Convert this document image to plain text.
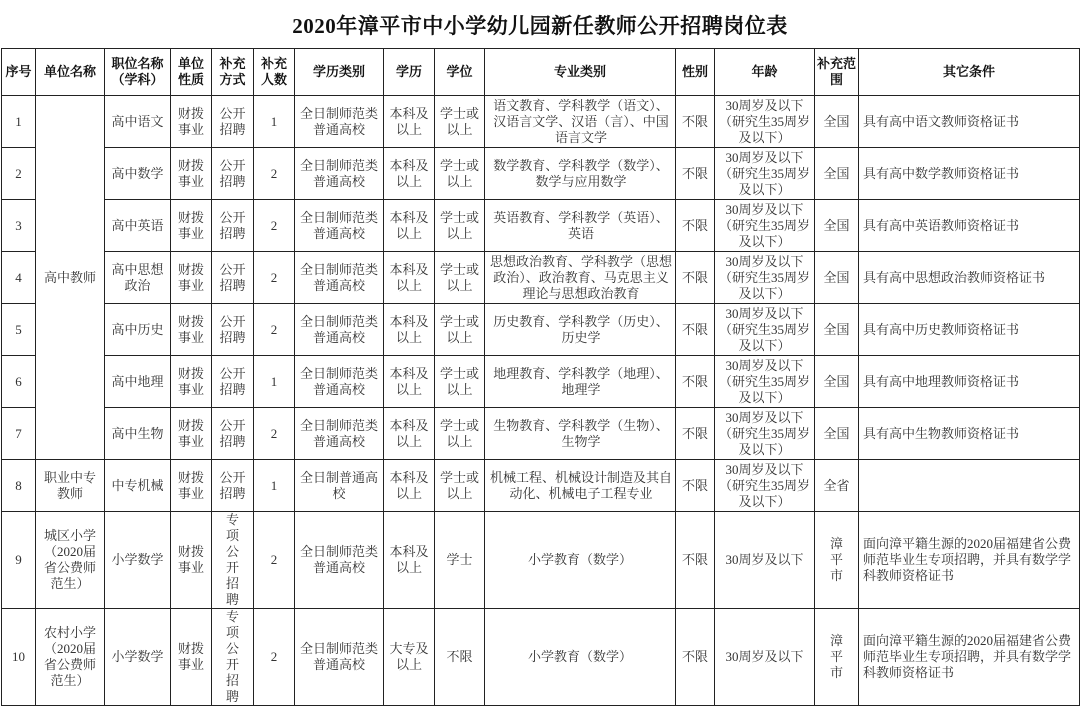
2020年漳平市中小学幼儿园新任教师公开招聘岗位表
序号	单位名称	职位名称（学科）	单位性质	补充方式	补充人数	学历类别	学历	学位	专业类别	性别	年龄	补充范围	其它条件
1	高中教师	高中语文	财拨事业	公开招聘	1	全日制师范类普通高校	本科及以上	学士或以上	语文教育、学科教学（语文）、汉语言文学、汉语（言）、中国语言文学	不限	30周岁及以下（研究生35周岁及以下）	全国	具有高中语文教师资格证书
2		高中数学	财拨事业	公开招聘	2	全日制师范类普通高校	本科及以上	学士或以上	数学教育、学科教学（数学）、数学与应用数学	不限	30周岁及以下（研究生35周岁及以下）	全国	具有高中数学教师资格证书
3		高中英语	财拨事业	公开招聘	2	全日制师范类普通高校	本科及以上	学士或以上	英语教育、学科教学（英语）、英语	不限	30周岁及以下（研究生35周岁及以下）	全国	具有高中英语教师资格证书
4		高中思想政治	财拨事业	公开招聘	2	全日制师范类普通高校	本科及以上	学士或以上	思想政治教育、学科教学（思想政治）、政治教育、马克思主义理论与思想政治教育	不限	30周岁及以下（研究生35周岁及以下）	全国	具有高中思想政治教师资格证书
5		高中历史	财拨事业	公开招聘	2	全日制师范类普通高校	本科及以上	学士或以上	历史教育、学科教学（历史）、历史学	不限	30周岁及以下（研究生35周岁及以下）	全国	具有高中历史教师资格证书
6		高中地理	财拨事业	公开招聘	1	全日制师范类普通高校	本科及以上	学士或以上	地理教育、学科教学（地理）、地理学	不限	30周岁及以下（研究生35周岁及以下）	全国	具有高中地理教师资格证书
7		高中生物	财拨事业	公开招聘	2	全日制师范类普通高校	本科及以上	学士或以上	生物教育、学科教学（生物）、生物学	不限	30周岁及以下（研究生35周岁及以下）	全国	具有高中生物教师资格证书
8	职业中专教师	中专机械	财拨事业	公开招聘	1	全日制普通高校	本科及以上	学士或以上	机械工程、机械设计制造及其自动化、机械电子工程专业	不限	30周岁及以下（研究生35周岁及以下）	全省	
9	城区小学（2020届省公费师范生）	小学数学	财拨事业	专项公开招聘	2	全日制师范类普通高校	本科及以上	学士	小学教育（数学）	不限	30周岁及以下	漳平市	面向漳平籍生源的2020届福建省公费师范毕业生专项招聘，并具有数学学科教师资格证书
10	农村小学（2020届省公费师范生）	小学数学	财拨事业	专项公开招聘	2	全日制师范类普通高校	大专及以上	不限	小学教育（数学）	不限	30周岁及以下	漳平市	面向漳平籍生源的2020届福建省公费师范毕业生专项招聘，并具有数学学科教师资格证书
